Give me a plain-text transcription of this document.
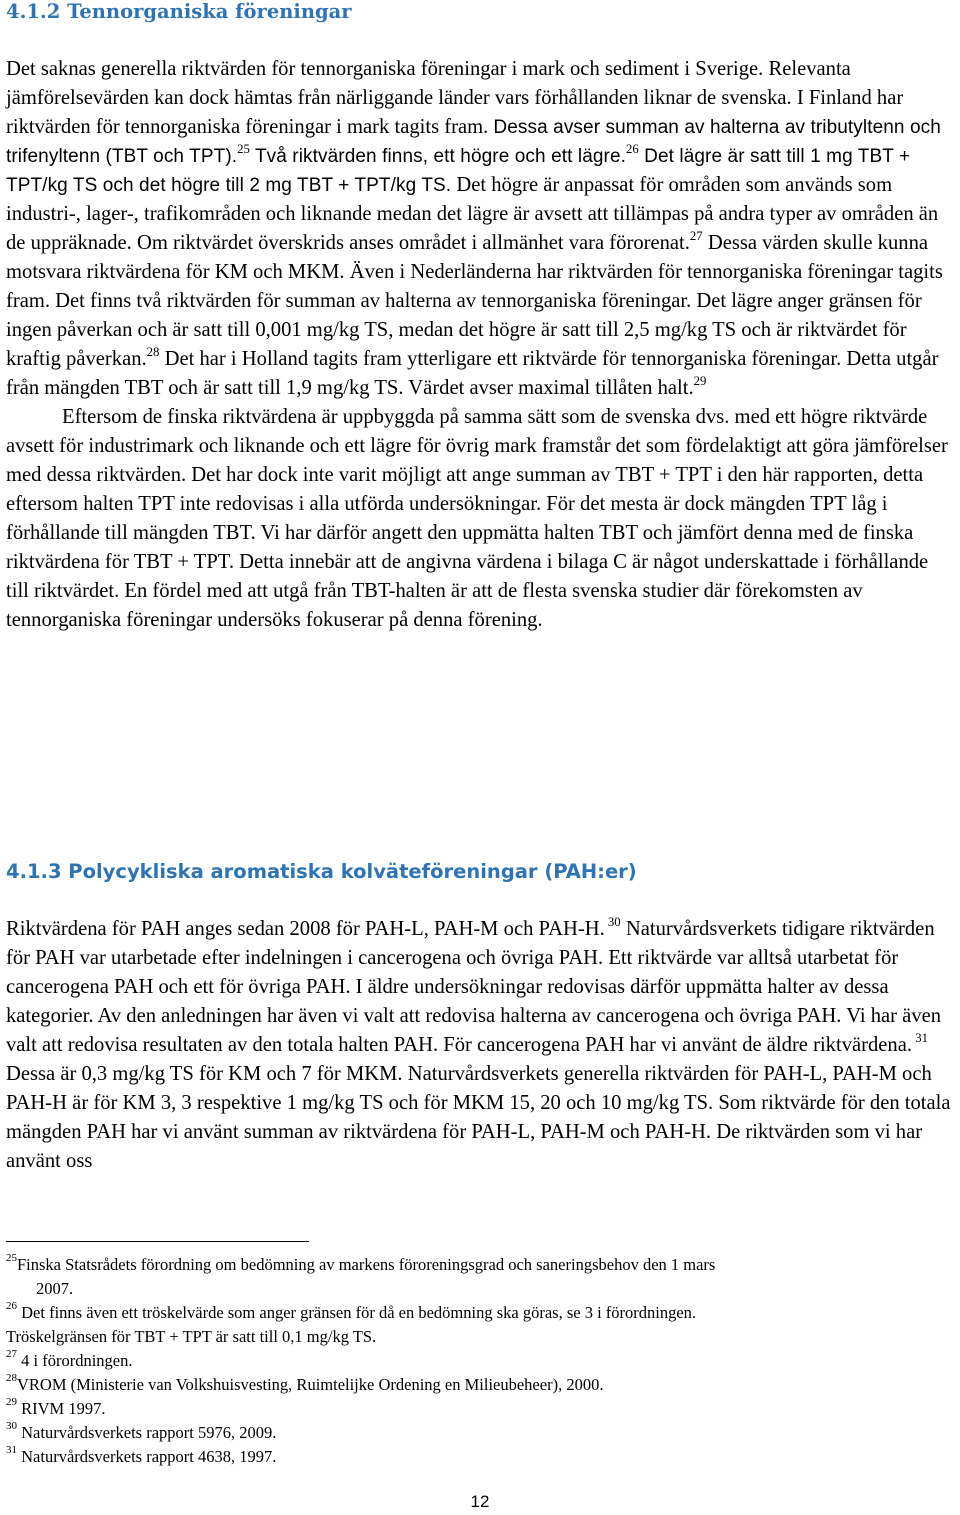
4.1.2 Tennorganiska föreningar

Det saknas generella riktvärden för tennorganiska föreningar i mark och sediment i Sverige. Relevanta jämförelsevärden kan dock hämtas från närliggande länder vars förhållanden liknar de svenska. I Finland har riktvärden för tennorganiska föreningar i mark tagits fram. Dessa avser summan av halterna av tributyltenn och trifenyltenn (TBT och TPT).$^{25}$ Två riktvärden finns, ett högre och ett lägre.$^{26}$ Det lägre är satt till 1 mg TBT + TPT/kg TS och det högre till 2 mg TBT + TPT/kg TS. Det högre är anpassat för områden som används som industri-, lager-, trafikområden och liknande medan det lägre är avsett att tillämpas på andra typer av områden än de uppräknade. Om riktvärdet överskrids anses området i allmänhet vara förorenat.$^{27}$ Dessa värden skulle kunna motsvara riktvärdena för KM och MKM. Även i Nederländerna har riktvärden för tennorganiska föreningar tagits fram. Det finns två riktvärden för summan av halterna av tennorganiska föreningar. Det lägre anger gränsen för ingen påverkan och är satt till 0,001 mg/kg TS, medan det högre är satt till 2,5 mg/kg TS och är riktvärdet för kraftig påverkan.$^{28}$ Det har i Holland tagits fram ytterligare ett riktvärde för tennorganiska föreningar. Detta utgår från mängden TBT och är satt till 1,9 mg/kg TS. Värdet avser maximal tillåten halt.$^{29}$
Eftersom de finska riktvärdena är uppbyggda på samma sätt som de svenska dvs. med ett högre riktvärde avsett för industrimark och liknande och ett lägre för övrig mark framstår det som fördelaktigt att göra jämförelser med dessa riktvärden. Det har dock inte varit möjligt att ange summan av TBT + TPT i den här rapporten, detta eftersom halten TPT inte redovisas i alla utförda undersökningar. För det mesta är dock mängden TPT låg i förhållande till mängden TBT. Vi har därför angett den uppmätta halten TBT och jämfört denna med de finska riktvärdena för TBT + TPT. Detta innebär att de angivna värdena i bilaga C är något underskattade i förhållande till riktvärdet. En fördel med att utgå från TBT-halten är att de flesta svenska studier där förekomsten av tennorganiska föreningar undersöks fokuserar på denna förening.

4.1.3 Polycykliska aromatiska kolväteföreningar (PAH:er)

Riktvärdena för PAH anges sedan 2008 för PAH-L, PAH-M och PAH-H. $^{30}$ Naturvårdsverkets tidigare riktvärden för PAH var utarbetade efter indelningen i cancerogena och övriga PAH. Ett riktvärde var alltså utarbetat för cancerogena PAH och ett för övriga PAH. I äldre undersökningar redovisas därför uppmätta halter av dessa kategorier. Av den anledningen har även vi valt att redovisa halterna av cancerogena och övriga PAH. Vi har även valt att redovisa resultaten av den totala halten PAH. För cancerogena PAH har vi använt de äldre riktvärdena. $^{31}$ Dessa är 0,3 mg/kg TS för KM och 7 för MKM. Naturvårdsverkets generella riktvärden för PAH-L, PAH-M och PAH-H är för KM 3, 3 respektive 1 mg/kg TS och för MKM 15, 20 och 10 mg/kg TS. Som riktvärde för den totala mängden PAH har vi använt summan av riktvärdena för PAH-L, PAH-M och PAH-H. De riktvärden som vi har använt oss

$^{25}$Finska Statsrådets förordning om bedömning av markens föroreningsgrad och saneringsbehov den 1 mars
2007.

$^{26}$ Det finns även ett tröskelvärde som anger gränsen för då en bedömning ska göras, se 3 i förordningen.
Tröskelgränsen för TBT + TPT är satt till 0,1 mg/kg TS.

$^{27}$ 4 i förordningen.

$^{28}$VROM (Ministerie van Volkshuisvesting, Ruimtelijke Ordening en Milieubeheer), 2000.

$^{29}$ RIVM 1997.

$^{30}$ Naturvårdsverkets rapport 5976, 2009.

$^{31}$ Naturvårdsverkets rapport 4638, 1997.

12
